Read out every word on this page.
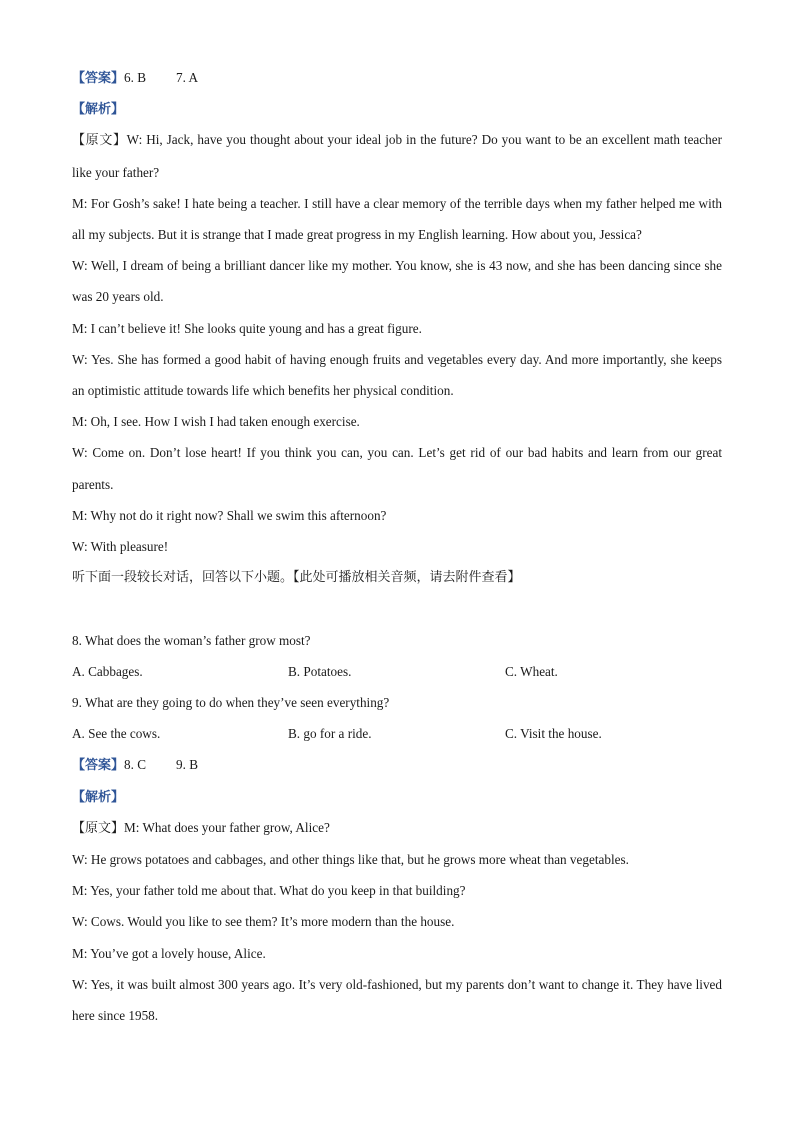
【答案】6. B 7. A
【解析】
【原文】W: Hi, Jack, have you thought about your ideal job in the future? Do you want to be an excellent math teacher like your father?
M: For Gosh’s sake! I hate being a teacher. I still have a clear memory of the terrible days when my father helped me with all my subjects. But it is strange that I made great progress in my English learning. How about you, Jessica?
W: Well, I dream of being a brilliant dancer like my mother. You know, she is 43 now, and she has been dancing since she was 20 years old.
M: I can’t believe it! She looks quite young and has a great figure.
W: Yes. She has formed a good habit of having enough fruits and vegetables every day. And more importantly, she keeps an optimistic attitude towards life which benefits her physical condition.
M: Oh, I see. How I wish I had taken enough exercise.
W: Come on. Don’t lose heart! If you think you can, you can. Let’s get rid of our bad habits and learn from our great parents.
M: Why not do it right now? Shall we swim this afternoon?
W: With pleasure!
听下面一段较长对话，回答以下小题。【此处可播放相关音频，请去附件查看】
8. What does the woman’s father grow most?
A. Cabbages.	B. Potatoes.	C. Wheat.
9. What are they going to do when they’ve seen everything?
A. See the cows.	B. go for a ride.	C. Visit the house.
【答案】8. C 9. B
【解析】
【原文】M: What does your father grow, Alice?
W: He grows potatoes and cabbages, and other things like that, but he grows more wheat than vegetables.
M: Yes, your father told me about that. What do you keep in that building?
W: Cows. Would you like to see them? It’s more modern than the house.
M: You’ve got a lovely house, Alice.
W: Yes, it was built almost 300 years ago. It’s very old-fashioned, but my parents don’t want to change it. They have lived here since 1958.
